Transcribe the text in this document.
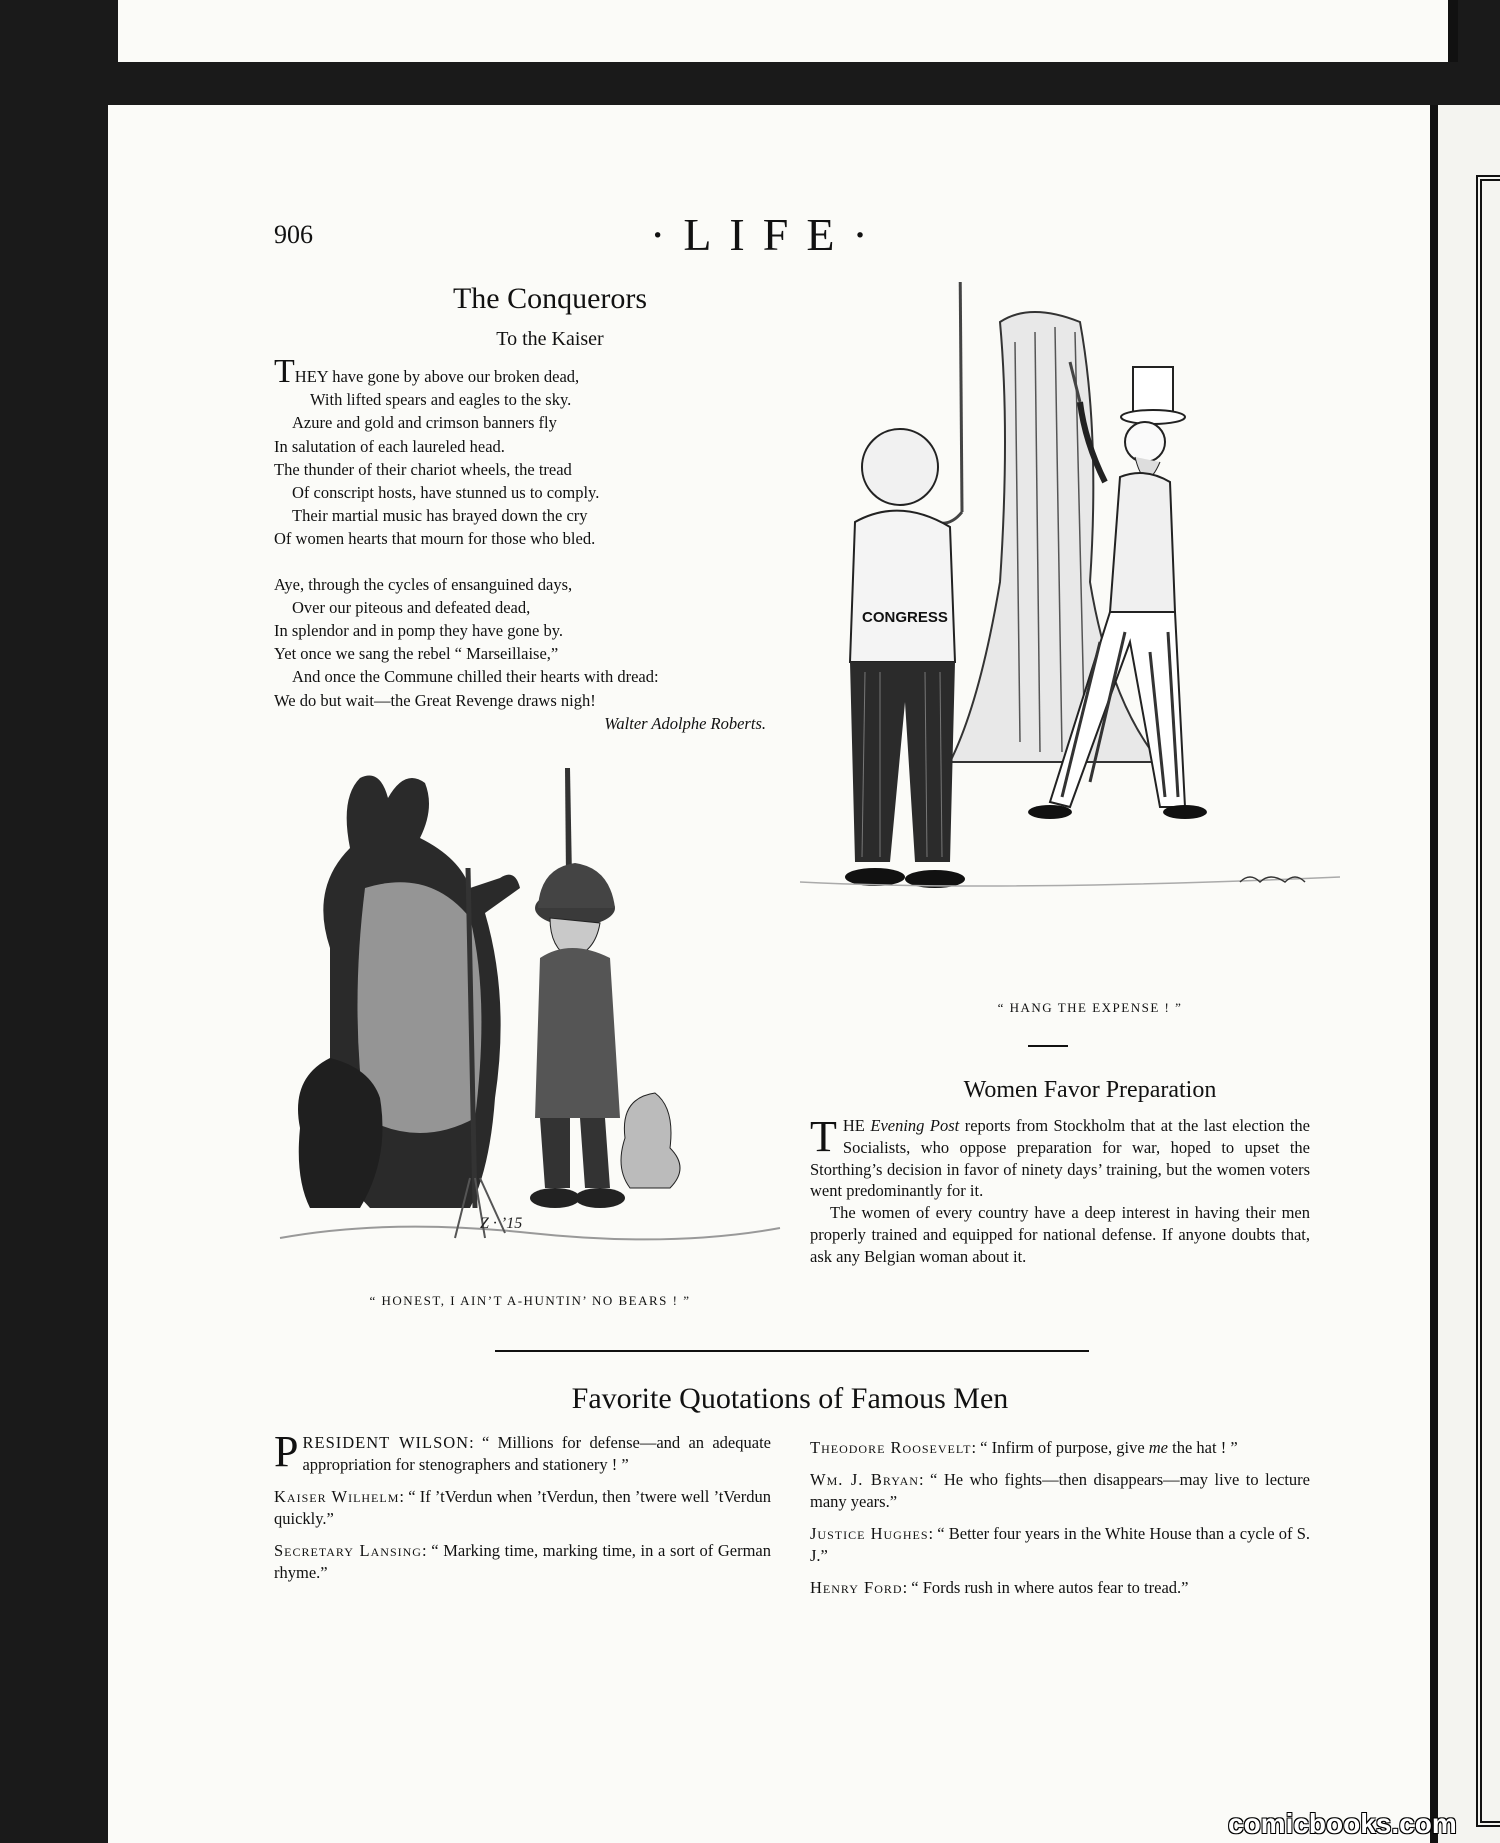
906	·LIFE·
The Conquerors
To the Kaiser
THEY have gone by above our broken dead,
With lifted spears and eagles to the sky.
Azure and gold and crimson banners fly
In salutation of each laureled head.
The thunder of their chariot wheels, the tread
Of conscript hosts, have stunned us to comply.
Their martial music has brayed down the cry
Of women hearts that mourn for those who bled.
Aye, through the cycles of ensanguined days,
Over our piteous and defeated dead,
In splendor and in pomp they have gone by.
Yet once we sang the rebel “ Marseillaise,”
And once the Commune chilled their hearts with dread:
We do but wait—the Great Revenge draws nigh!
Walter Adolphe Roberts.
Z · ’15
CONGRESS
“ HONEST, I AIN’T A-HUNTIN’ NO BEARS ! ”
“ HANG THE EXPENSE ! ”
Women Favor Preparation

THE Evening Post reports from Stockholm that at the last election the Socialists, who oppose preparation for war, hoped to upset the Storthing’s decision in favor of ninety days’ training, but the women voters went predominantly for it.

The women of every country have a deep interest in having their men properly trained and equipped for national defense. If anyone doubts that, ask any Belgian woman about it.

Favorite Quotations of Famous Men

PRESIDENT WILSON: “ Millions for defense—and an adequate appropriation for stenographers and stationery ! ”

Kaiser Wilhelm: “ If ’tVerdun when ’tVerdun, then ’twere well ’tVerdun quickly.”

Secretary Lansing: “ Marking time, marking time, in a sort of German rhyme.”

Theodore Roosevelt: “ Infirm of purpose, give me the hat ! ”

Wm. J. Bryan: “ He who fights—then disappears—may live to lecture many years.”

Justice Hughes: “ Better four years in the White House than a cycle of S. J.”

Henry Ford: “ Fords rush in where autos fear to tread.”

comicbooks.com
